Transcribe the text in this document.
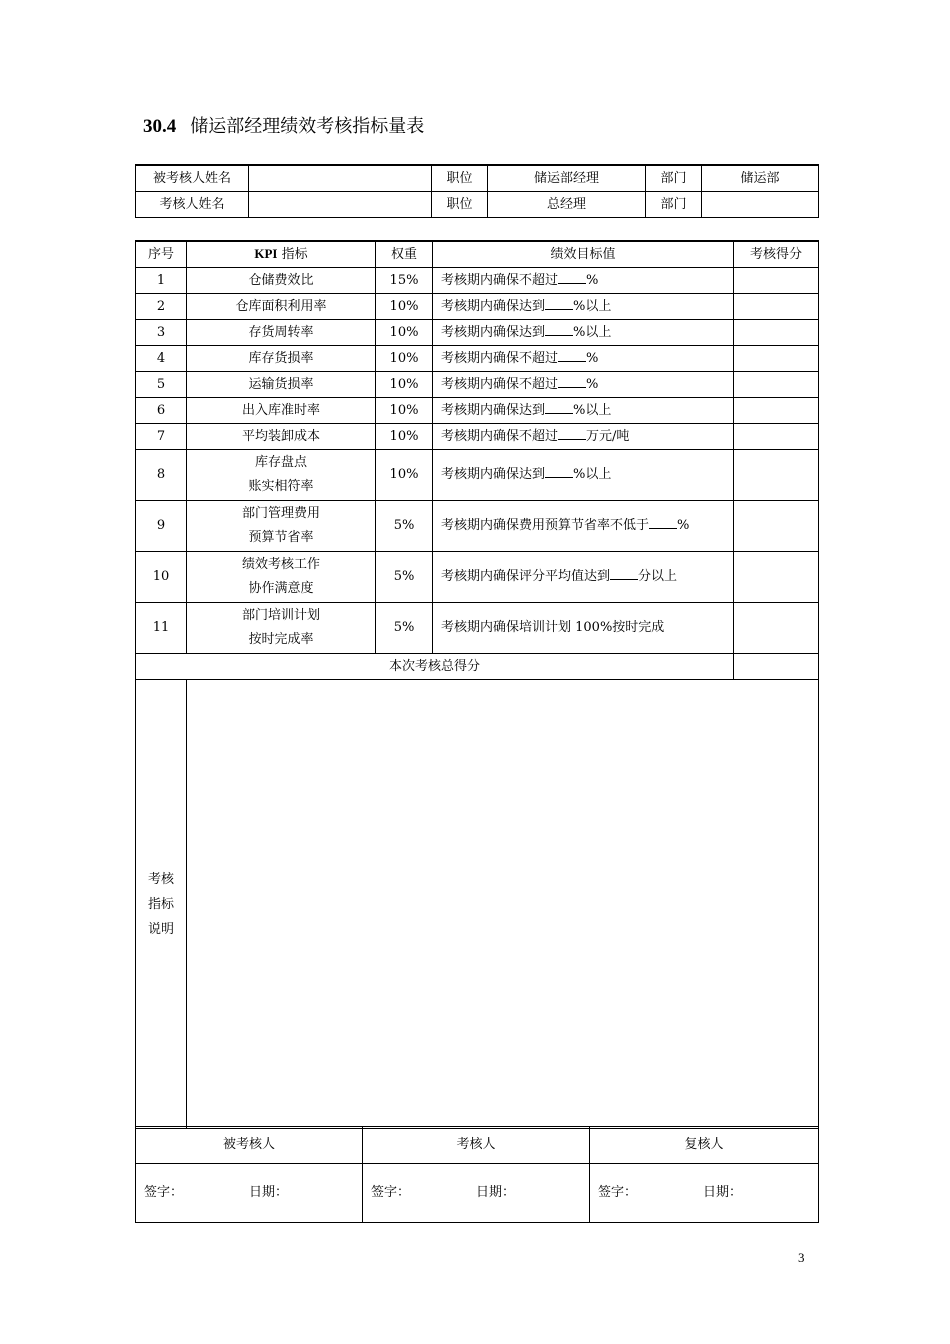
30.4 储运部经理绩效考核指标量表
被考核人姓名		职位	储运部经理	部门	储运部
考核人姓名		职位	总经理	部门	
序号	KPI 指标	权重	绩效目标值	考核得分
1	仓储费效比	15%	考核期内确保不超过 %	
2	仓库面积利用率	10%	考核期内确保达到 %以上	
3	存货周转率	10%	考核期内确保达到 %以上	
4	库存货损率	10%	考核期内确保不超过 %	
5	运输货损率	10%	考核期内确保不超过 %	
6	出入库准时率	10%	考核期内确保达到 %以上	
7	平均装卸成本	10%	考核期内确保不超过 万元/吨	
8	库存盘点
账实相符率	10%	考核期内确保达到 %以上	
9	部门管理费用
预算节省率	5%	考核期内确保费用预算节省率不低于 %	
10	绩效考核工作
协作满意度	5%	考核期内确保评分平均值达到 分以上	
11	部门培训计划
按时完成率	5%	考核期内确保培训计划 100%按时完成	
本次考核总得分				

考核
指标
说明				

被考核人	考核人	复核人
签字： 日期：	签字： 日期：	签字： 日期：
3
